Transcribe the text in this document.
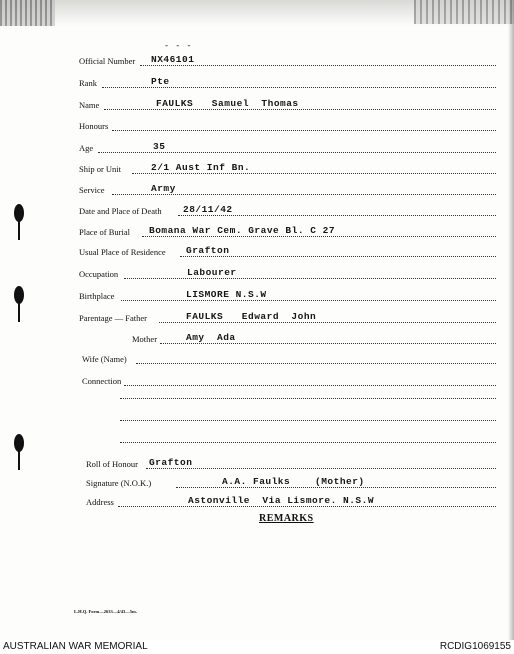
- - -
Official Number NX46101
Rank	Pte
Name	FAULKS   Samuel  Thomas
Honours
Age	35
Ship or Unit	2/1 Aust Inf Bn.
Service	Army
Date and Place of Death 28/11/42
Place of Burial Bomana War Cem. Grave Bl. C 27
Usual Place of Residence Grafton
Occupation	Labourer
Birthplace	LISMORE N.S.W
Parentage — Father	FAULKS   Edward  John
Mother	Amy  Ada
Wife (Name)
Connection
Roll of Honour Grafton
Signature (N.O.K.)	A.A. Faulks    (Mother)
Address	Astonville  Via Lismore. N.S.W
REMARKS
L.H.Q. Form—2633—4/43—5m.
AUSTRALIAN WAR MEMORIAL	RCDIG1069155
